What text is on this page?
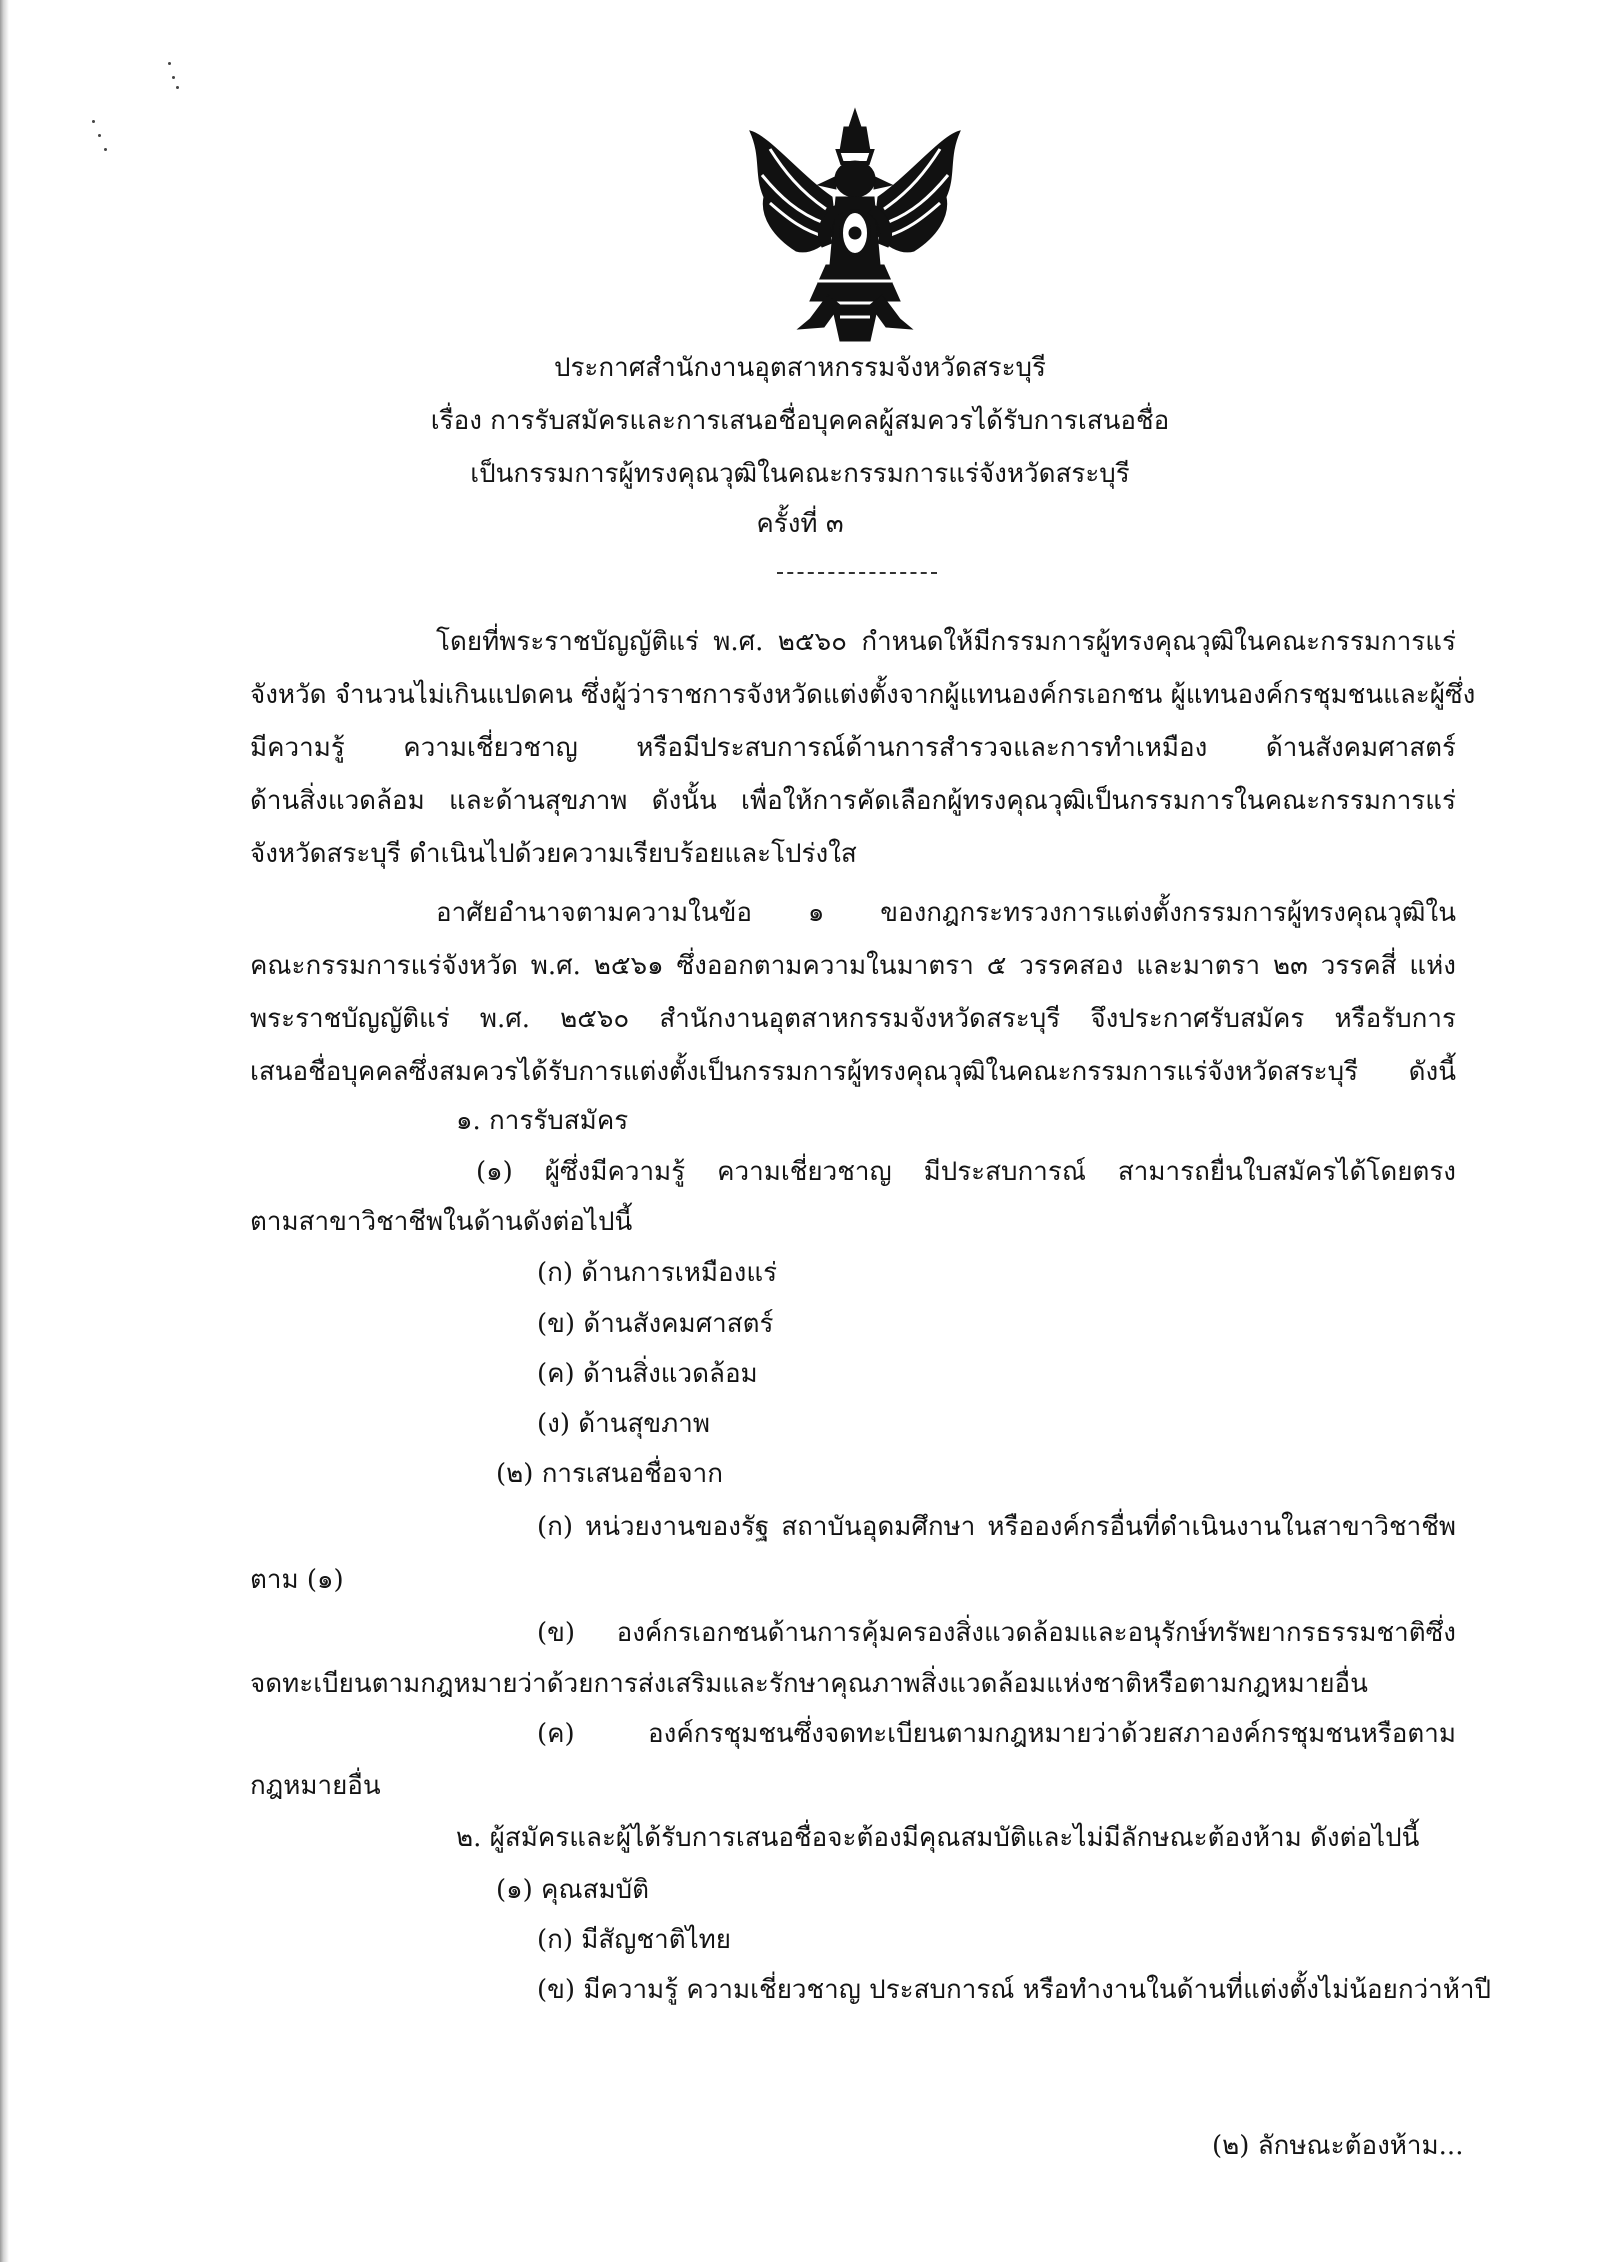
ประกาศสำนักงานอุตสาหกรรมจังหวัดสระบุรี
เรื่อง การรับสมัครและการเสนอชื่อบุคคลผู้สมควรได้รับการเสนอชื่อ
เป็นกรรมการผู้ทรงคุณวุฒิในคณะกรรมการแร่จังหวัดสระบุรี
ครั้งที่ ๓
โดยที่พระราชบัญญัติแร่ พ.ศ. ๒๕๖๐ กำหนดให้มีกรรมการผู้ทรงคุณวุฒิในคณะกรรมการแร่
จังหวัด จำนวนไม่เกินแปดคน ซึ่งผู้ว่าราชการจังหวัดแต่งตั้งจากผู้แทนองค์กรเอกชน ผู้แทนองค์กรชุมชนและผู้ซึ่ง
มีความรู้ ความเชี่ยวชาญ หรือมีประสบการณ์ด้านการสำรวจและการทำเหมือง ด้านสังคมศาสตร์
ด้านสิ่งแวดล้อม และด้านสุขภาพ ดังนั้น เพื่อให้การคัดเลือกผู้ทรงคุณวุฒิเป็นกรรมการในคณะกรรมการแร่
จังหวัดสระบุรี ดำเนินไปด้วยความเรียบร้อยและโปร่งใส
อาศัยอำนาจตามความในข้อ ๑ ของกฎกระทรวงการแต่งตั้งกรรมการผู้ทรงคุณวุฒิใน
คณะกรรมการแร่จังหวัด พ.ศ. ๒๕๖๑ ซึ่งออกตามความในมาตรา ๕ วรรคสอง และมาตรา ๒๓ วรรคสี่ แห่ง
พระราชบัญญัติแร่ พ.ศ. ๒๕๖๐ สำนักงานอุตสาหกรรมจังหวัดสระบุรี จึงประกาศรับสมัคร หรือรับการ
เสนอชื่อบุคคลซึ่งสมควรได้รับการแต่งตั้งเป็นกรรมการผู้ทรงคุณวุฒิในคณะกรรมการแร่จังหวัดสระบุรี ดังนี้
๑. การรับสมัคร
(๑) ผู้ซึ่งมีความรู้ ความเชี่ยวชาญ มีประสบการณ์ สามารถยื่นใบสมัครได้โดยตรง
ตามสาขาวิชาชีพในด้านดังต่อไปนี้
(ก) ด้านการเหมืองแร่
(ข) ด้านสังคมศาสตร์
(ค) ด้านสิ่งแวดล้อม
(ง) ด้านสุขภาพ
(๒) การเสนอชื่อจาก
(ก) หน่วยงานของรัฐ สถาบันอุดมศึกษา หรือองค์กรอื่นที่ดำเนินงานในสาขาวิชาชีพ
ตาม (๑)
(ข) องค์กรเอกชนด้านการคุ้มครองสิ่งแวดล้อมและอนุรักษ์ทรัพยากรธรรมชาติซึ่ง
จดทะเบียนตามกฎหมายว่าด้วยการส่งเสริมและรักษาคุณภาพสิ่งแวดล้อมแห่งชาติหรือตามกฎหมายอื่น
(ค) องค์กรชุมชนซึ่งจดทะเบียนตามกฎหมายว่าด้วยสภาองค์กรชุมชนหรือตาม
กฎหมายอื่น
๒. ผู้สมัครและผู้ได้รับการเสนอชื่อจะต้องมีคุณสมบัติและไม่มีลักษณะต้องห้าม ดังต่อไปนี้
(๑) คุณสมบัติ
(ก) มีสัญชาติไทย
(ข) มีความรู้ ความเชี่ยวชาญ ประสบการณ์ หรือทำงานในด้านที่แต่งตั้งไม่น้อยกว่าห้าปี
(๒) ลักษณะต้องห้าม...
